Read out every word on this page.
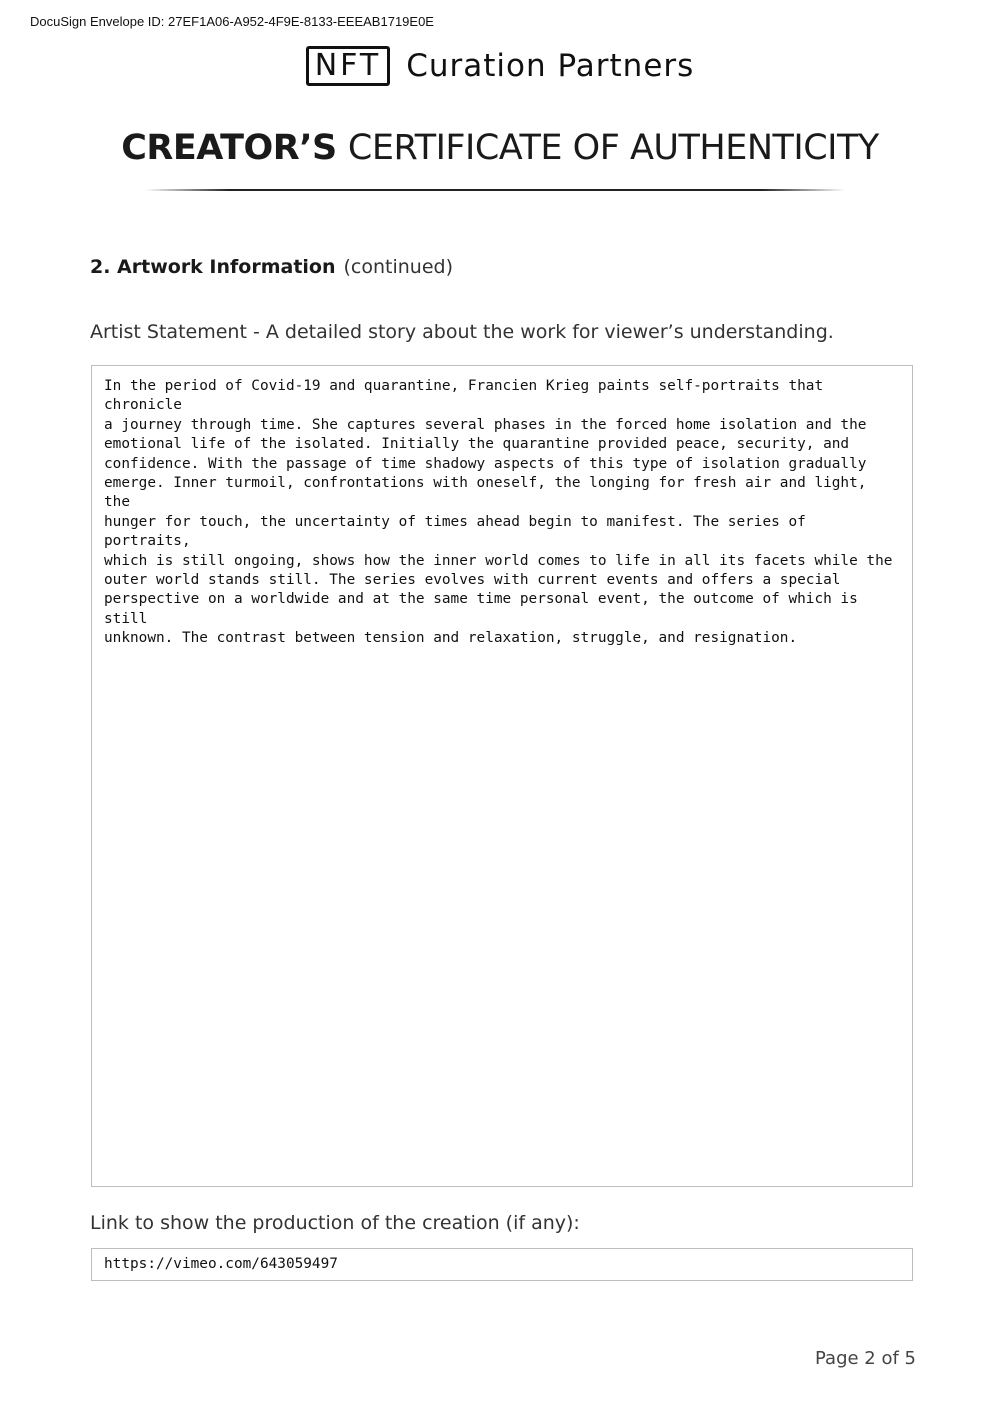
DocuSign Envelope ID: 27EF1A06-A952-4F9E-8133-EEEAB1719E0E
NFT Curation Partners
CREATOR’S CERTIFICATE OF AUTHENTICITY
2. Artwork Information (continued)
Artist Statement - A detailed story about the work for viewer’s understanding.
In the period of Covid-19 and quarantine, Francien Krieg paints self-portraits that chronicle
a journey through time. She captures several phases in the forced home isolation and the
emotional life of the isolated. Initially the quarantine provided peace, security, and
confidence. With the passage of time shadowy aspects of this type of isolation gradually
emerge. Inner turmoil, confrontations with oneself, the longing for fresh air and light, the
hunger for touch, the uncertainty of times ahead begin to manifest. The series of portraits,
which is still ongoing, shows how the inner world comes to life in all its facets while the
outer world stands still. The series evolves with current events and offers a special
perspective on a worldwide and at the same time personal event, the outcome of which is still
unknown. The contrast between tension and relaxation, struggle, and resignation.
Link to show the production of the creation (if any):
https://vimeo.com/643059497
Page 2 of 5
